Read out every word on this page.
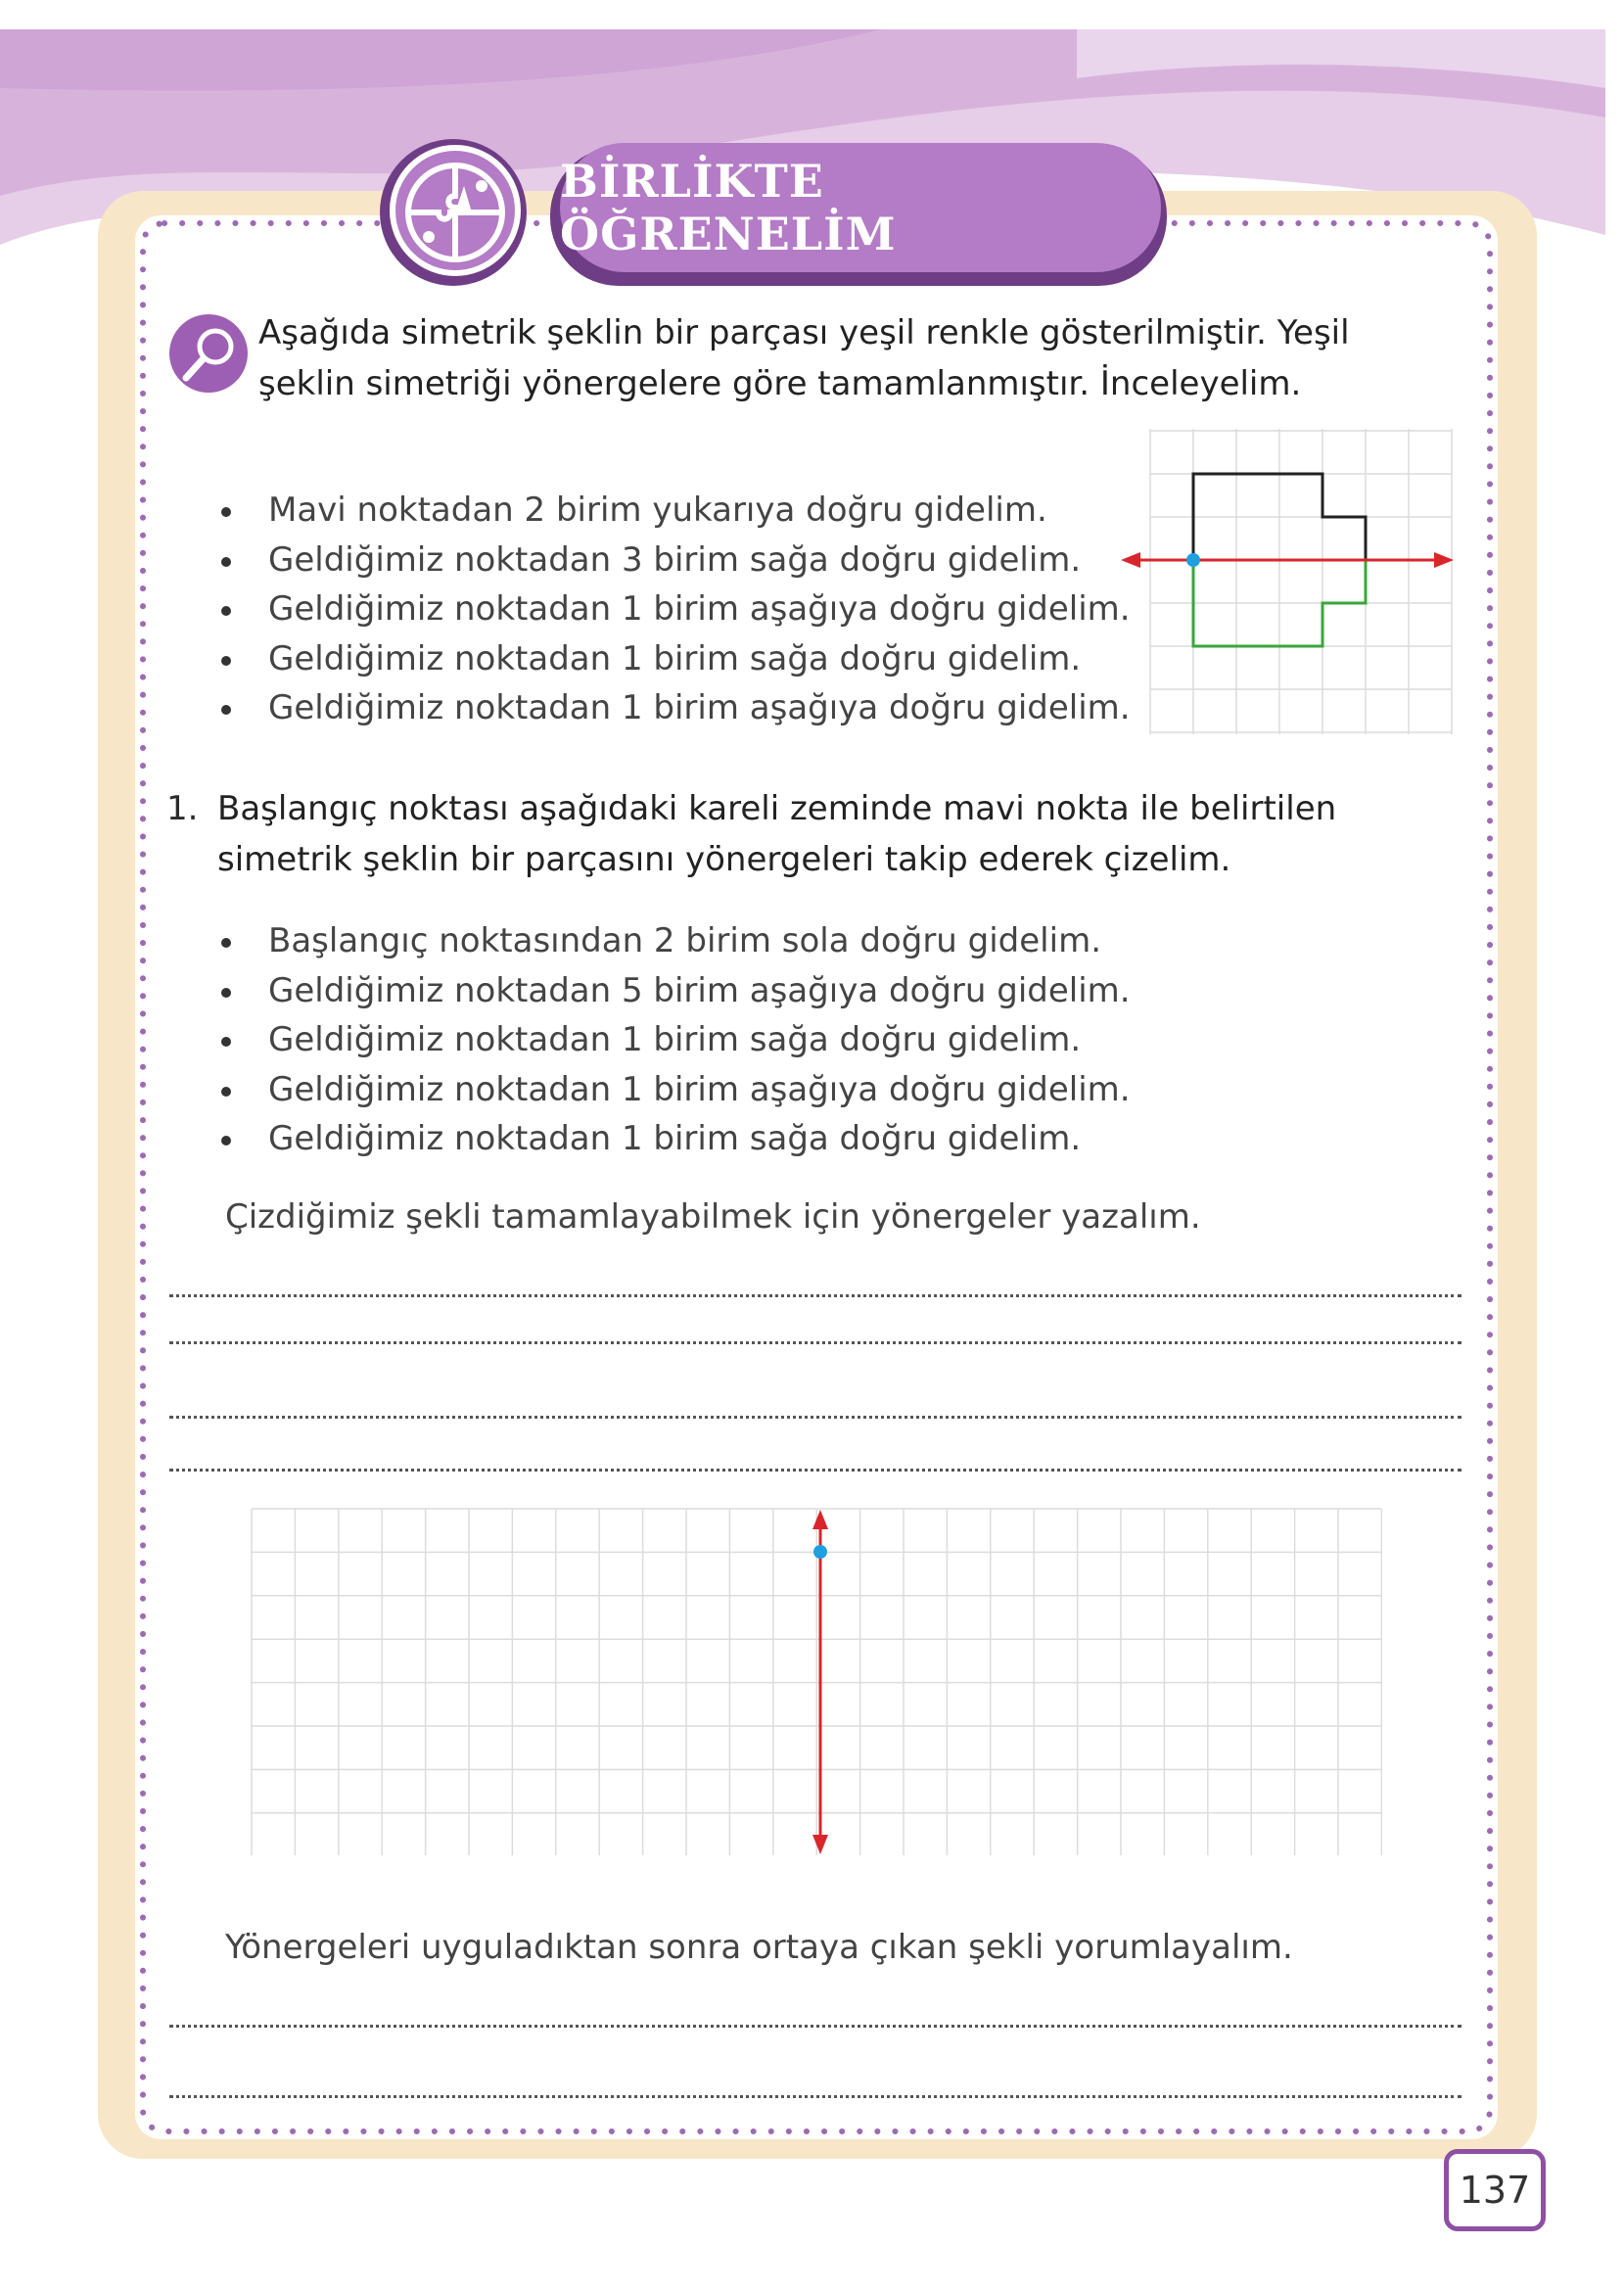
BİRLİKTE ÖĞRENELİM
Aşağıda simetrik şeklin bir parçası yeşil renkle gösterilmiştir. Yeşil şeklin simetriği yönergelere göre tamamlanmıştır. İnceleyelim.
Mavi noktadan 2 birim yukarıya doğru gidelim.
Geldiğimiz noktadan 3 birim sağa doğru gidelim.
Geldiğimiz noktadan 1 birim aşağıya doğru gidelim.
Geldiğimiz noktadan 1 birim sağa doğru gidelim.
Geldiğimiz noktadan 1 birim aşağıya doğru gidelim.
1. Başlangıç noktası aşağıdaki kareli zeminde mavi nokta ile belirtilen simetrik şeklin bir parçasını yönergeleri takip ederek çizelim.
Başlangıç noktasından 2 birim sola doğru gidelim.
Geldiğimiz noktadan 5 birim aşağıya doğru gidelim.
Geldiğimiz noktadan 1 birim sağa doğru gidelim.
Geldiğimiz noktadan 1 birim aşağıya doğru gidelim.
Geldiğimiz noktadan 1 birim sağa doğru gidelim.
Çizdiğimiz şekli tamamlayabilmek için yönergeler yazalım.
Yönergeleri uyguladıktan sonra ortaya çıkan şekli yorumlayalım.
137
